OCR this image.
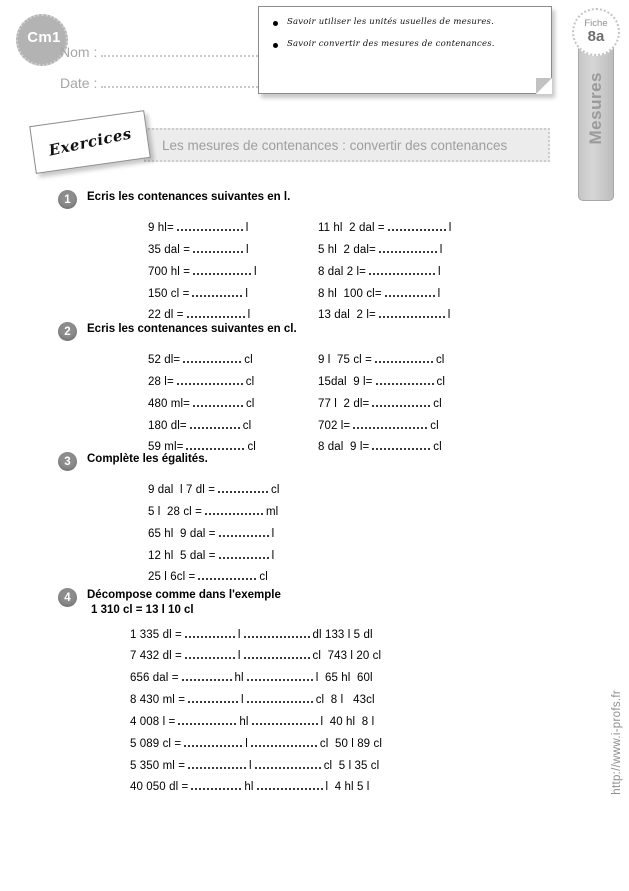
Cm1
Nom :
Date :
Savoir utiliser les unités usuelles de mesures.
Savoir convertir des mesures de contenances.
Mesures
Fiche
8a
Exercices Les mesures de contenances : convertir des contenances
1	Ecris les contenances suivantes en l.
9 hl=	l
35 dal =	l
700 hl =	l
150 cl =	l
22 dl =	l
11 hl  2 dal =	l
5 hl  2 dal=	l
8 dal 2 l=	l
8 hl  100 cl=	l
13 dal  2 l=	l
2	Ecris les contenances suivantes en cl.
52 dl=	cl
28 l=	cl
480 ml=	cl
180 dl=	cl
59 ml=	cl
9 l  75 cl =	cl
15dal  9 l=	cl
77 l  2 dl=	cl
702 l=	cl
8 dal  9 l=	cl
3	Complète les égalités.
9 dal  l 7 dl =	cl
5 l  28 cl =	ml
65 hl  9 dal =	l
12 hl  5 dal =	l
25 l 6cl =	cl
4	Décompose comme dans l'exemple
1 310 cl = 13 l 10 cl
1 335 dl =	l	dl 133 l 5 dl
7 432 dl =	l	cl  743 l 20 cl
656 dal =	hl	l  65 hl  60l
8 430 ml =	l	cl  8 l   43cl
4 008 l =	hl	l  40 hl  8 l
5 089 cl =	l	cl  50 l 89 cl
5 350 ml =	l	cl  5 l 35 cl
40 050 dl =	hl	l  4 hl 5 l	http://www.i-profs.fr
